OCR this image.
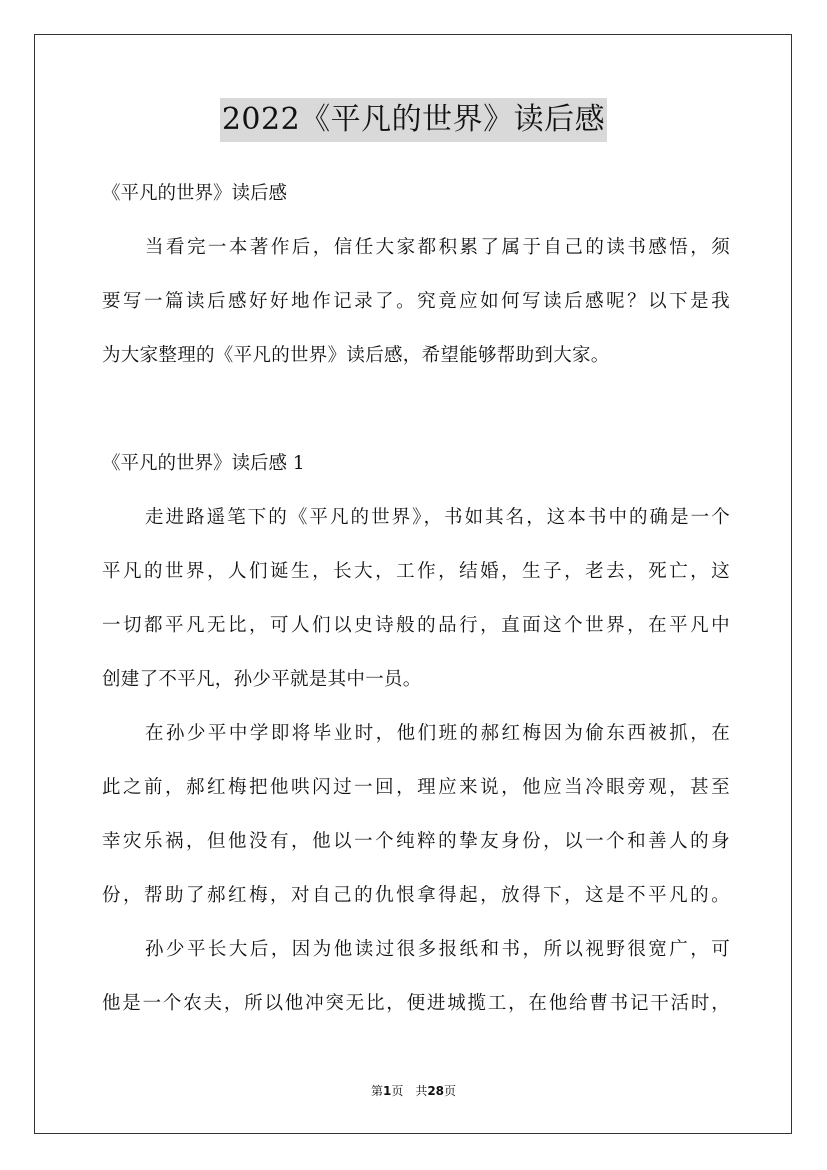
2022《平凡的世界》读后感
《平凡的世界》读后感
当看完一本著作后，信任大家都积累了属于自己的读书感悟，须
要写一篇读后感好好地作记录了。究竟应如何写读后感呢？以下是我
为大家整理的《平凡的世界》读后感，希望能够帮助到大家。
《平凡的世界》读后感 1
走进路遥笔下的《平凡的世界》，书如其名，这本书中的确是一个
平凡的世界，人们诞生，长大，工作，结婚，生子，老去，死亡，这
一切都平凡无比，可人们以史诗般的品行，直面这个世界，在平凡中
创建了不平凡，孙少平就是其中一员。
在孙少平中学即将毕业时，他们班的郝红梅因为偷东西被抓，在
此之前，郝红梅把他哄闪过一回，理应来说，他应当冷眼旁观，甚至
幸灾乐祸，但他没有，他以一个纯粹的挚友身份，以一个和善人的身
份，帮助了郝红梅，对自己的仇恨拿得起，放得下，这是不平凡的。
孙少平长大后，因为他读过很多报纸和书，所以视野很宽广，可
他是一个农夫，所以他冲突无比，便进城揽工，在他给曹书记干活时，
第1页　共28页
